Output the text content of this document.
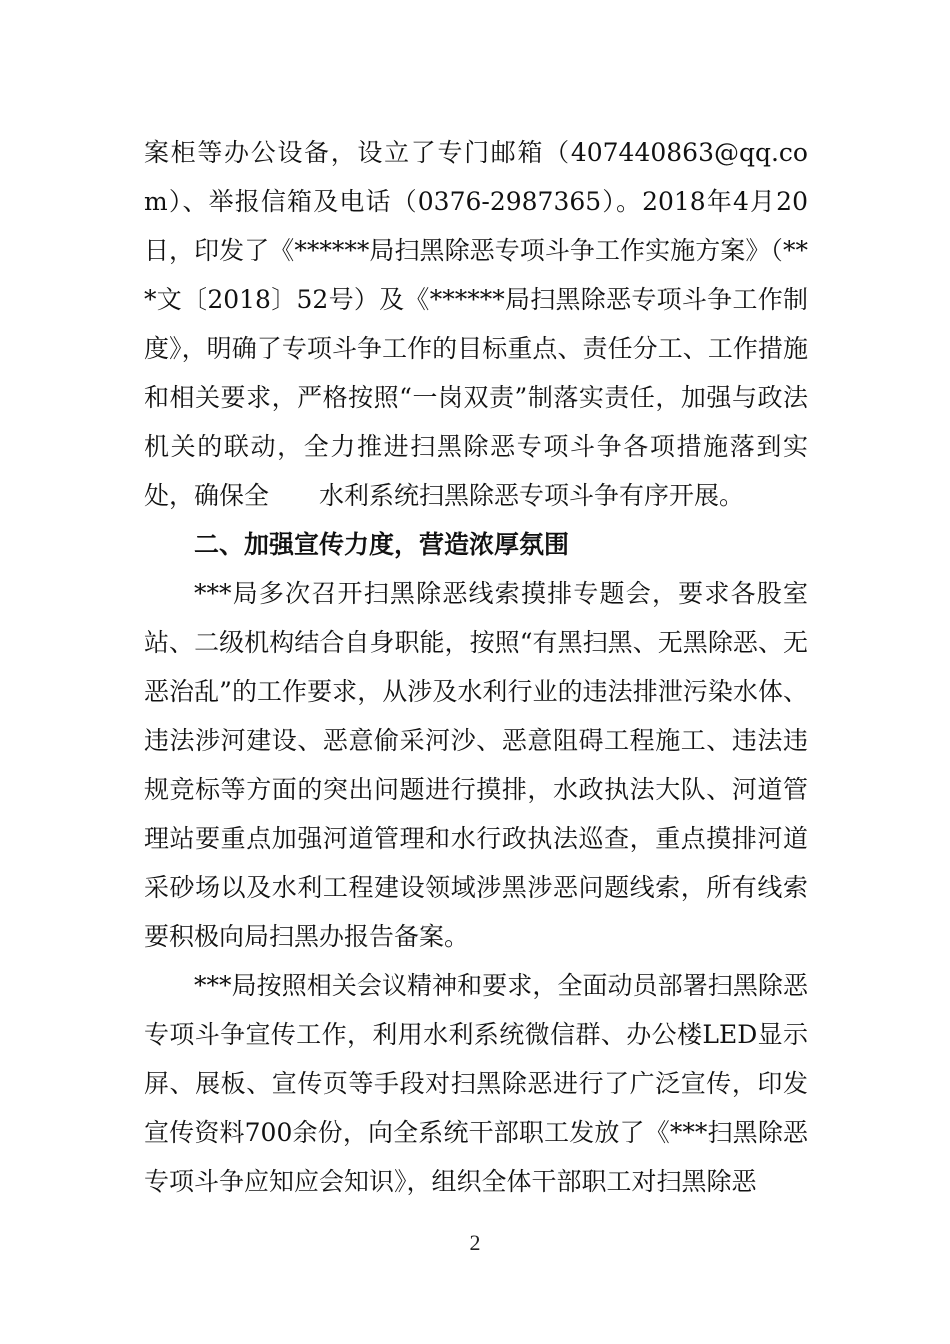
案柜等办公设备，设立了专门邮箱（407440863@qq.com）、举报信箱及电话（0376-2987365）。2018年4月20日，印发了《******局扫黑除恶专项斗争工作实施方案》（***文〔2018〕52号）及《******局扫黑除恶专项斗争工作制度》，明确了专项斗争工作的目标重点、责任分工、工作措施和相关要求，严格按照“一岗双责”制落实责任，加强与政法机关的联动，全力推进扫黑除恶专项斗争各项措施落到实处，确保全　　水利系统扫黑除恶专项斗争有序开展。

二、加强宣传力度，营造浓厚氛围

***局多次召开扫黑除恶线索摸排专题会，要求各股室站、二级机构结合自身职能，按照“有黑扫黑、无黑除恶、无恶治乱”的工作要求，从涉及水利行业的违法排泄污染水体、违法涉河建设、恶意偷采河沙、恶意阻碍工程施工、违法违规竞标等方面的突出问题进行摸排，水政执法大队、河道管理站要重点加强河道管理和水行政执法巡查，重点摸排河道采砂场以及水利工程建设领域涉黑涉恶问题线索，所有线索要积极向局扫黑办报告备案。

***局按照相关会议精神和要求，全面动员部署扫黑除恶专项斗争宣传工作，利用水利系统微信群、办公楼LED显示屏、展板、宣传页等手段对扫黑除恶进行了广泛宣传，印发宣传资料700余份，向全系统干部职工发放了《***扫黑除恶专项斗争应知应会知识》，组织全体干部职工对扫黑除恶

2
